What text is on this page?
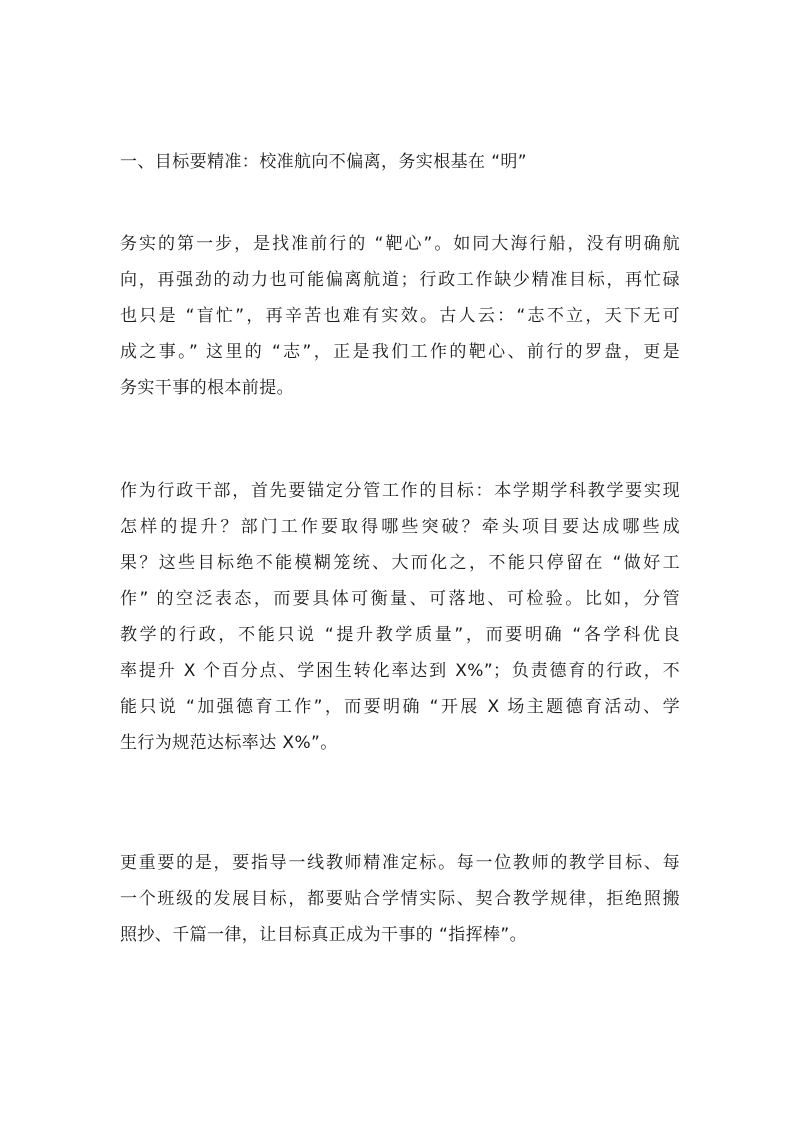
一、目标要精准：校准航向不偏离，务实根基在 “明”
务实的第一步，是找准前行的 “靶心”。如同大海行船，没有明确航
向，再强劲的动力也可能偏离航道；行政工作缺少精准目标，再忙碌
也只是 “盲忙”，再辛苦也难有实效。古人云：“志不立，天下无可
成之事。” 这里的 “志”，正是我们工作的靶心、前行的罗盘，更是
务实干事的根本前提。
作为行政干部，首先要锚定分管工作的目标：本学期学科教学要实现
怎样的提升？部门工作要取得哪些突破？牵头项目要达成哪些成
果？这些目标绝不能模糊笼统、大而化之，不能只停留在 “做好工
作” 的空泛表态，而要具体可衡量、可落地、可检验。比如，分管
教学的行政，不能只说 “提升教学质量”，而要明确 “各学科优良
率提升 X 个百分点、学困生转化率达到 X%”；负责德育的行政，不
能只说 “加强德育工作”，而要明确 “开展 X 场主题德育活动、学
生行为规范达标率达 X%”。
更重要的是，要指导一线教师精准定标。每一位教师的教学目标、每
一个班级的发展目标，都要贴合学情实际、契合教学规律，拒绝照搬
照抄、千篇一律，让目标真正成为干事的 “指挥棒”。
